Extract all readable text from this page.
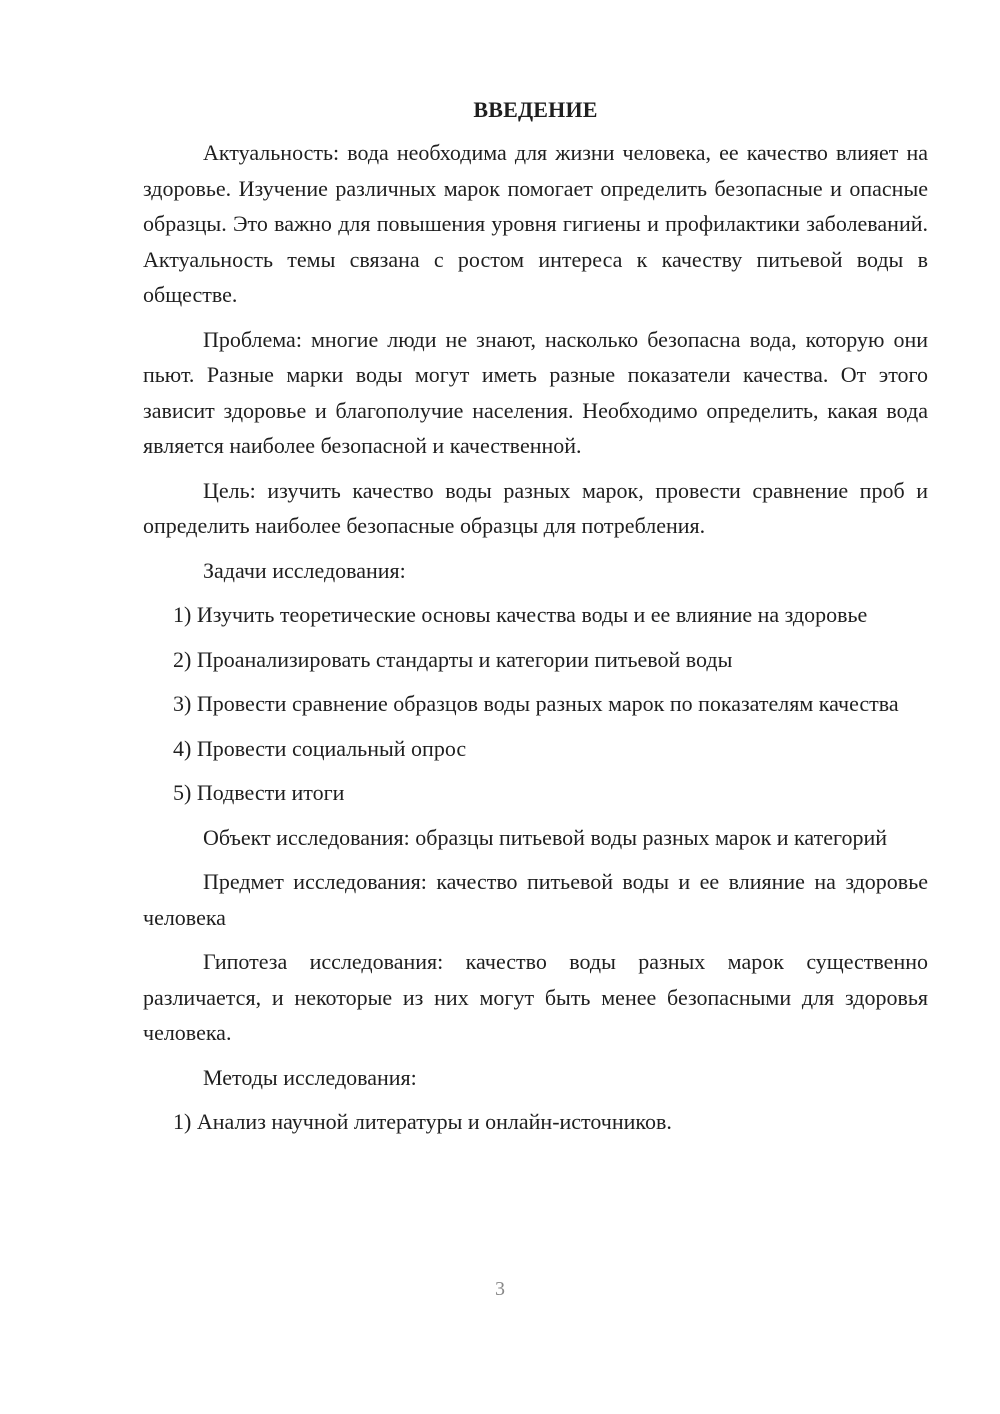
ВВЕДЕНИЕ

Актуальность: вода необходима для жизни человека, ее качество влияет на здоровье. Изучение различных марок помогает определить безопасные и опасные образцы. Это важно для повышения уровня гигиены и профилактики заболеваний. Актуальность темы связана с ростом интереса к качеству питьевой воды в обществе.

Проблема: многие люди не знают, насколько безопасна вода, которую они пьют. Разные марки воды могут иметь разные показатели качества. От этого зависит здоровье и благополучие населения. Необходимо определить, какая вода является наиболее безопасной и качественной.

Цель: изучить качество воды разных марок, провести сравнение проб и определить наиболее безопасные образцы для потребления.

Задачи исследования:

1) Изучить теоретические основы качества воды и ее влияние на здоровье

2) Проанализировать стандарты и категории питьевой воды

3) Провести сравнение образцов воды разных марок по показателям качества

4) Провести социальный опрос

5) Подвести итоги

Объект исследования: образцы питьевой воды разных марок и категорий

Предмет исследования: качество питьевой воды и ее влияние на здоровье человека

Гипотеза исследования: качество воды разных марок существенно различается, и некоторые из них могут быть менее безопасными для здоровья человека.

Методы исследования:

1) Анализ научной литературы и онлайн-источников.

3
